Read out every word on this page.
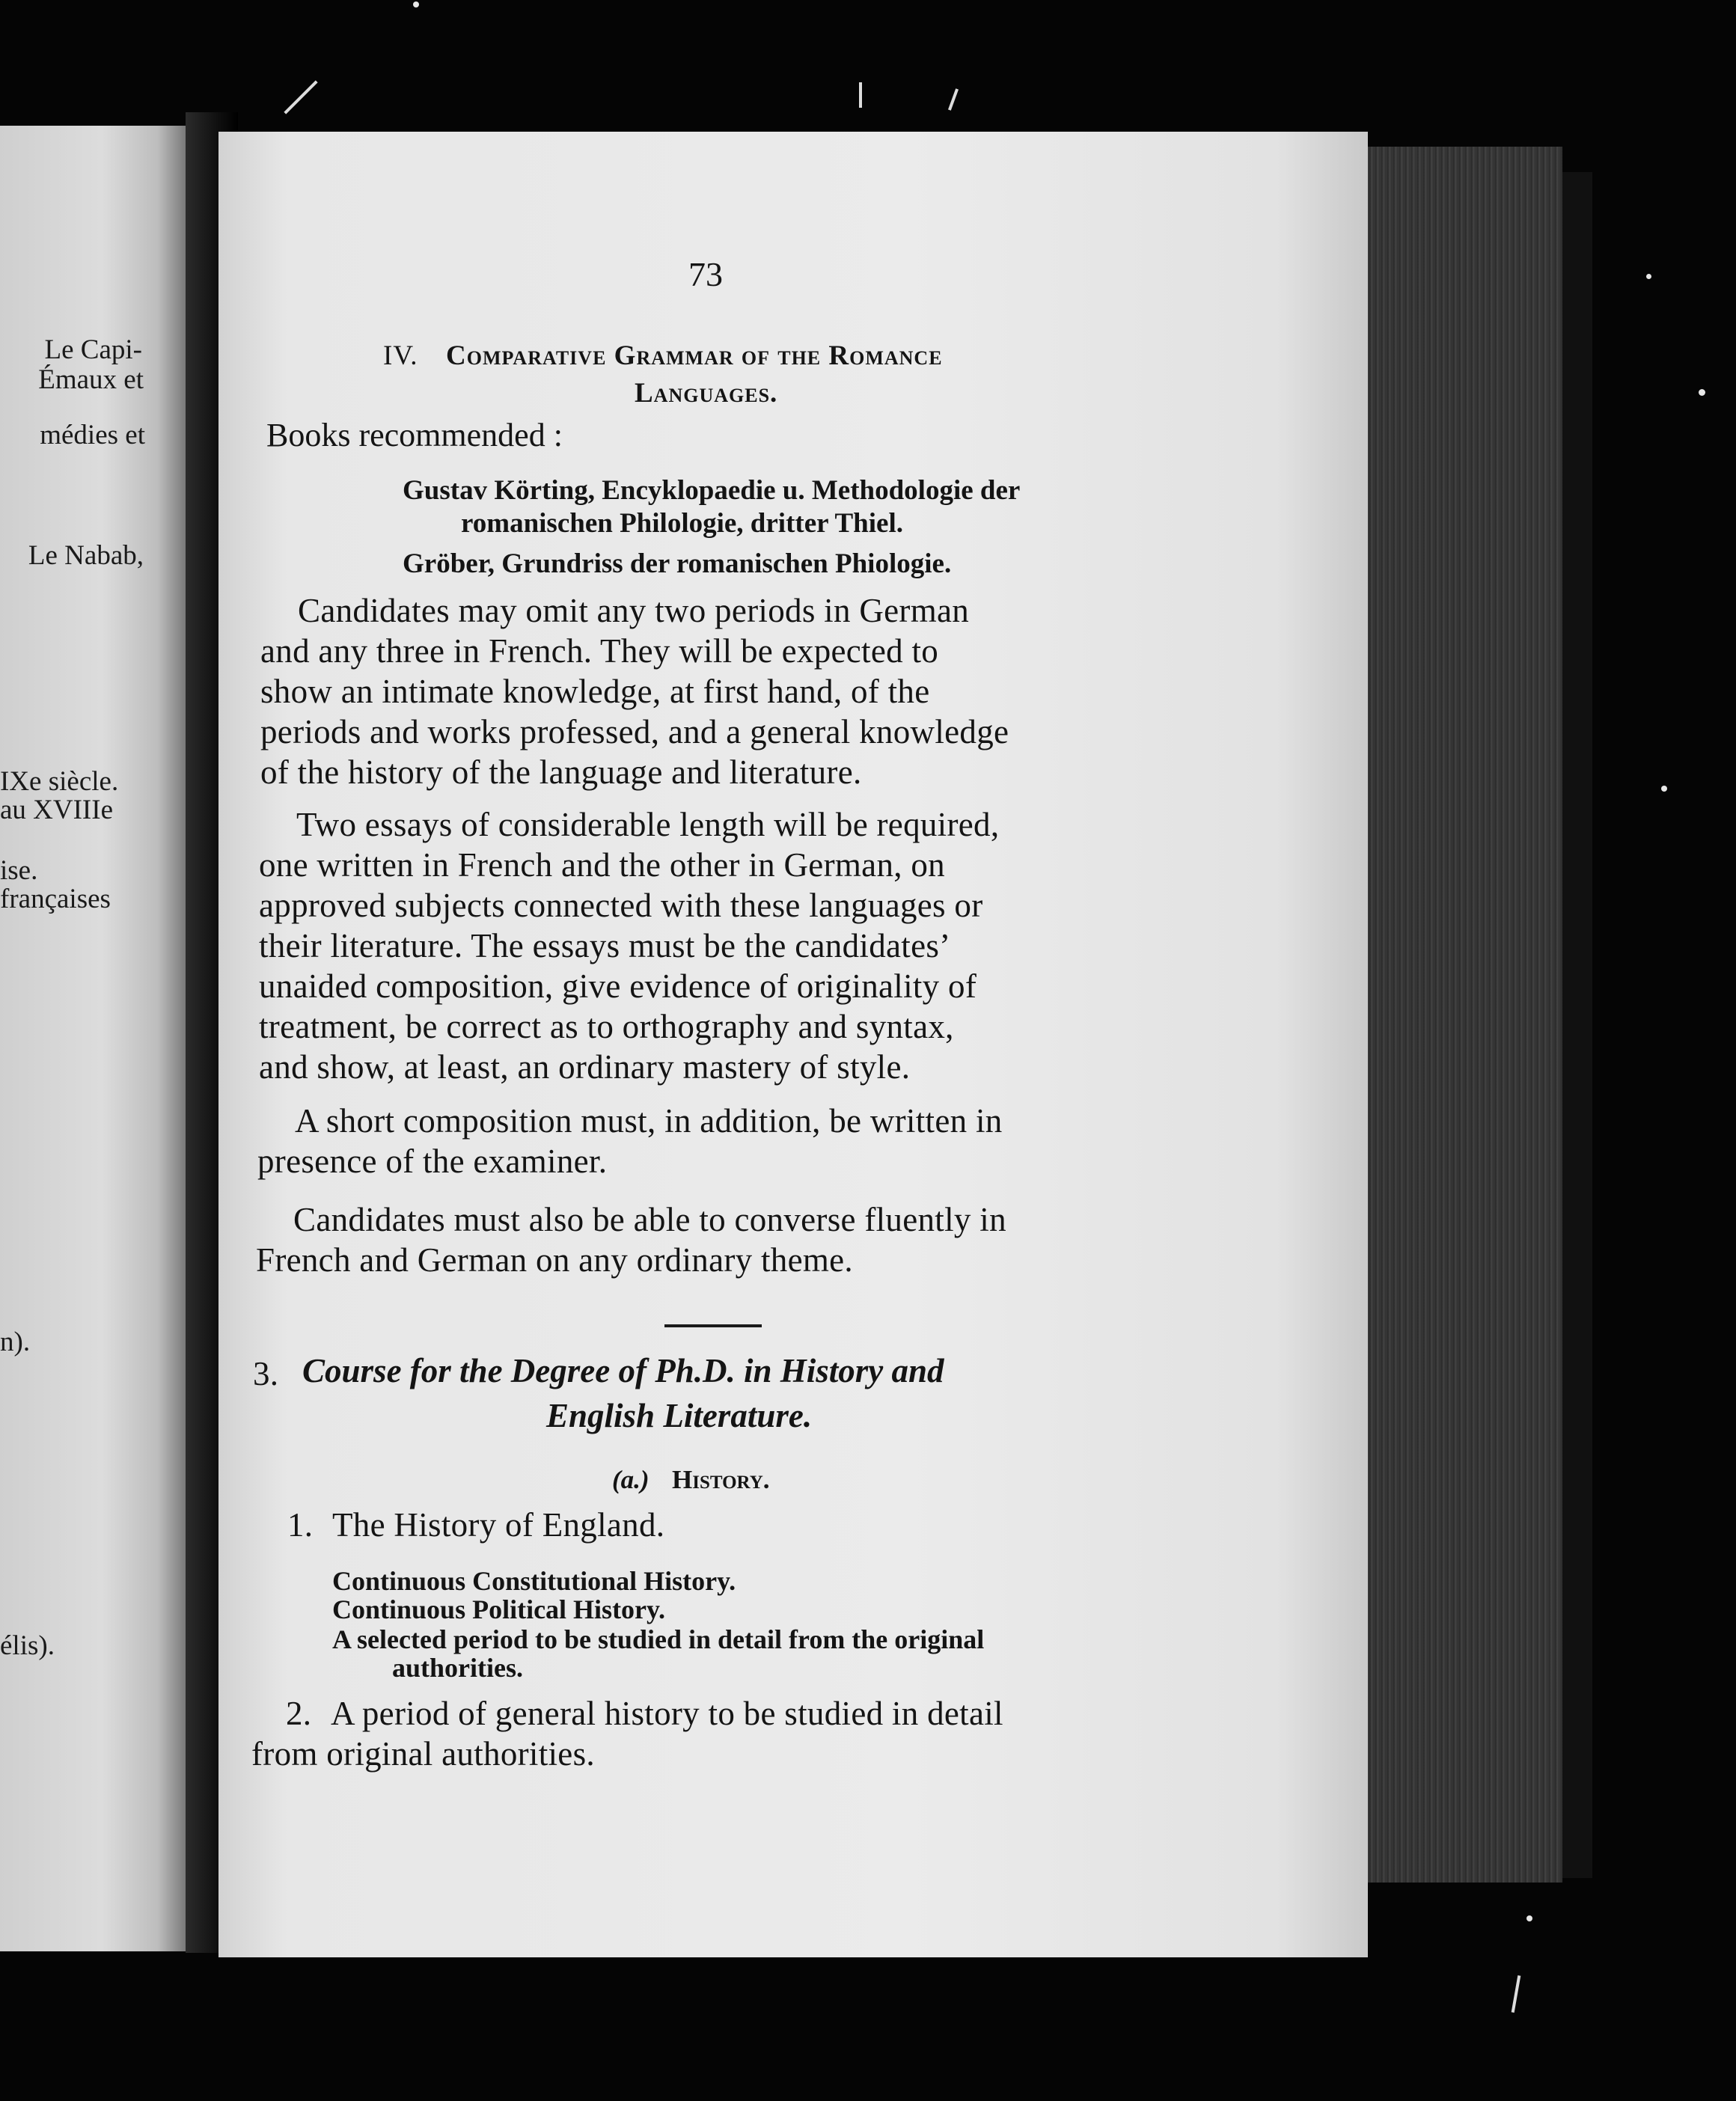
Le Capi-
Émaux et
médies et
Le Nabab,
IXe siècle.
au XVIIIe
ise.
françaises
n).
élis).
73
IV. Comparative Grammar of the Romance
Languages.
Books recommended :
Gustav Körting, Encyklopaedie u. Methodologie der
romanischen Philologie, dritter Thiel.
Gröber, Grundriss der romanischen Phiologie.
Candidates may omit any two periods in German
and any three in French. They will be expected to
show an intimate knowledge, at first hand, of the
periods and works professed, and a general knowledge
of the history of the language and literature.
Two essays of considerable length will be required,
one written in French and the other in German, on
approved subjects connected with these languages or
their literature. The essays must be the candidates’
unaided composition, give evidence of originality of
treatment, be correct as to orthography and syntax,
and show, at least, an ordinary mastery of style.
A short composition must, in addition, be written in
presence of the examiner.
Candidates must also be able to converse fluently in
French and German on any ordinary theme.
3. Course for the Degree of Ph.D. in History and
English Literature.
(a.) History.
1. The History of England.
Continuous Constitutional History.
Continuous Political History.
A selected period to be studied in detail from the original
authorities.
2. A period of general history to be studied in detail
from original authorities.
